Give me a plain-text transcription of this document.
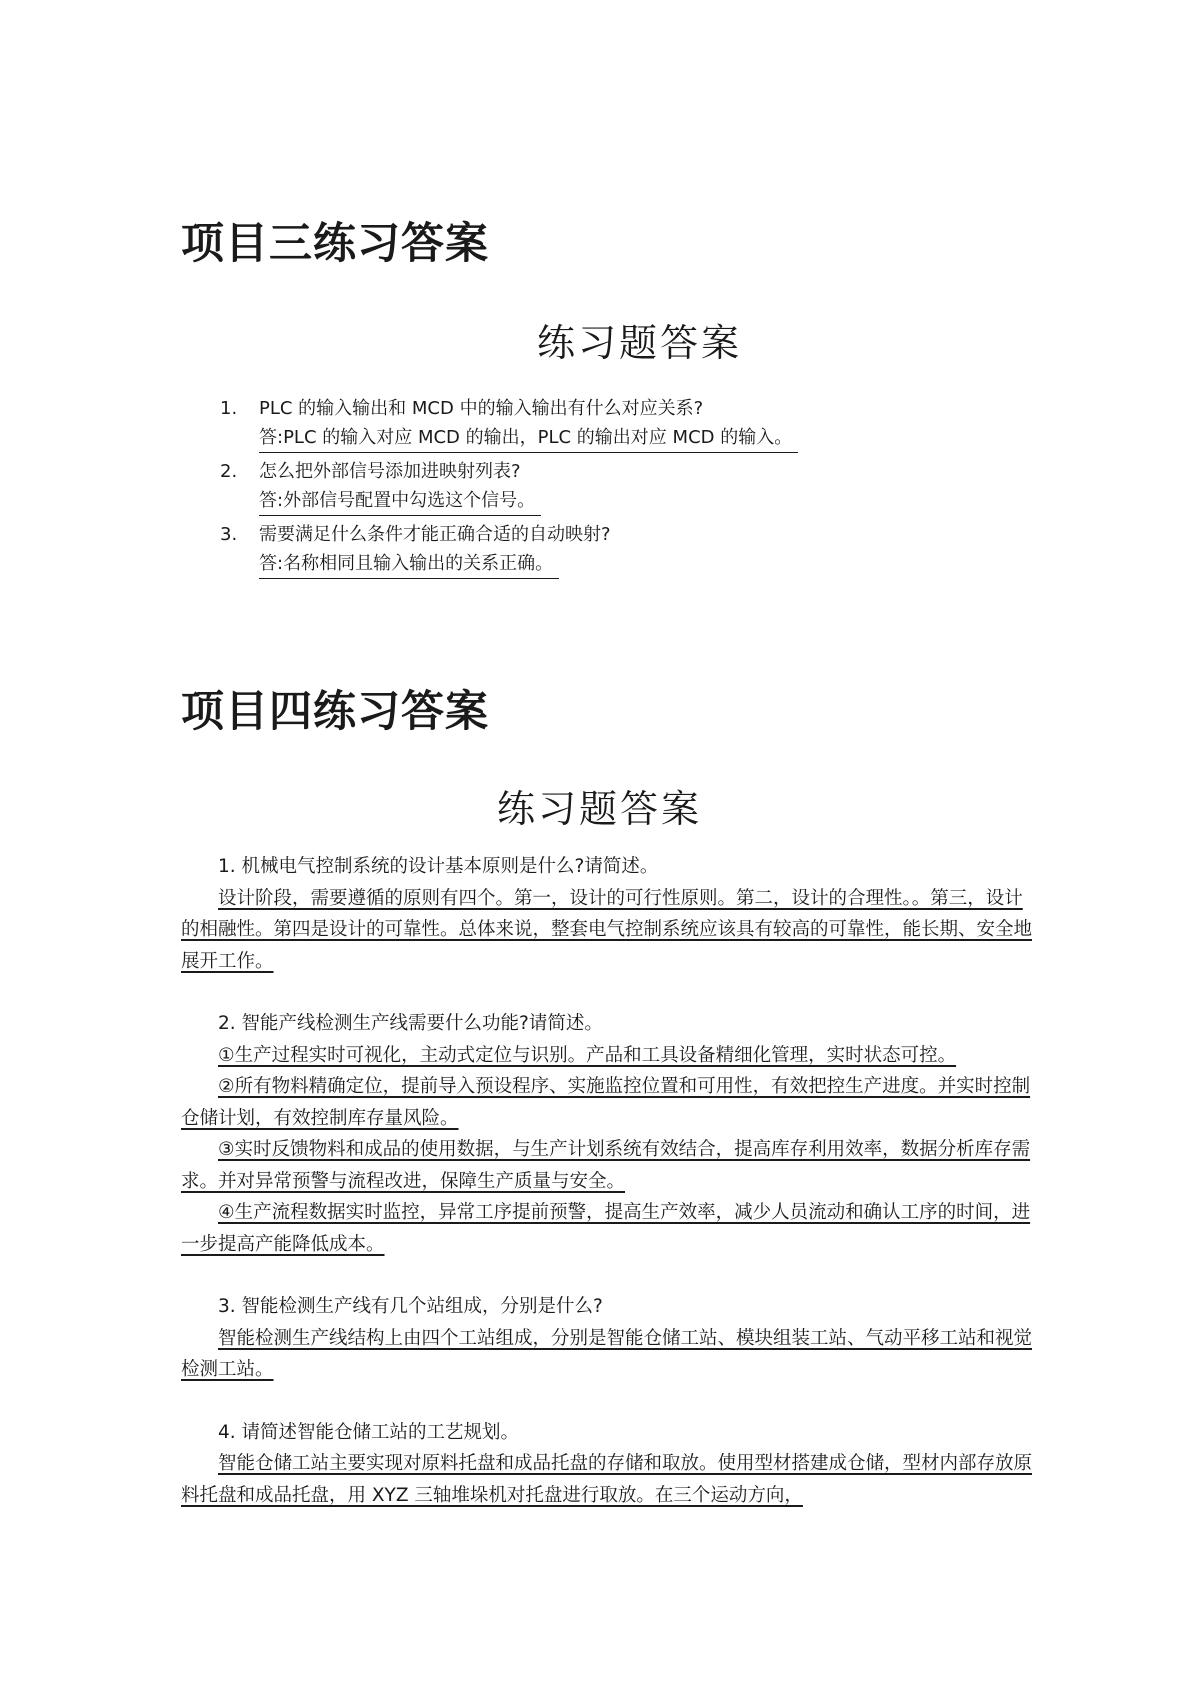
项目三练习答案
练习题答案
1. PLC 的输入输出和 MCD 中的输入输出有什么对应关系?
答:PLC 的输入对应 MCD 的输出，PLC 的输出对应 MCD 的输入。
2. 怎么把外部信号添加进映射列表?
答:外部信号配置中勾选这个信号。
3. 需要满足什么条件才能正确合适的自动映射?
答:名称相同且输入输出的关系正确。
项目四练习答案
练习题答案
1. 机械电气控制系统的设计基本原则是什么?请简述。
设计阶段，需要遵循的原则有四个。第一，设计的可行性原则。第二，设计的合理性。。第三，设计的相融性。第四是设计的可靠性。总体来说，整套电气控制系统应该具有较高的可靠性，能长期、安全地展开工作。
2. 智能产线检测生产线需要什么功能?请简述。
①生产过程实时可视化，主动式定位与识别。产品和工具设备精细化管理，实时状态可控。
②所有物料精确定位，提前导入预设程序、实施监控位置和可用性，有效把控生产进度。并实时控制仓储计划，有效控制库存量风险。
③实时反馈物料和成品的使用数据，与生产计划系统有效结合，提高库存利用效率，数据分析库存需求。并对异常预警与流程改进，保障生产质量与安全。
④生产流程数据实时监控，异常工序提前预警，提高生产效率，减少人员流动和确认工序的时间，进一步提高产能降低成本。
3. 智能检测生产线有几个站组成，分别是什么?
智能检测生产线结构上由四个工站组成，分别是智能仓储工站、模块组装工站、气动平移工站和视觉检测工站。
4. 请简述智能仓储工站的工艺规划。
智能仓储工站主要实现对原料托盘和成品托盘的存储和取放。使用型材搭建成仓储，型材内部存放原料托盘和成品托盘，用 XYZ 三轴堆垛机对托盘进行取放。在三个运动方向，
